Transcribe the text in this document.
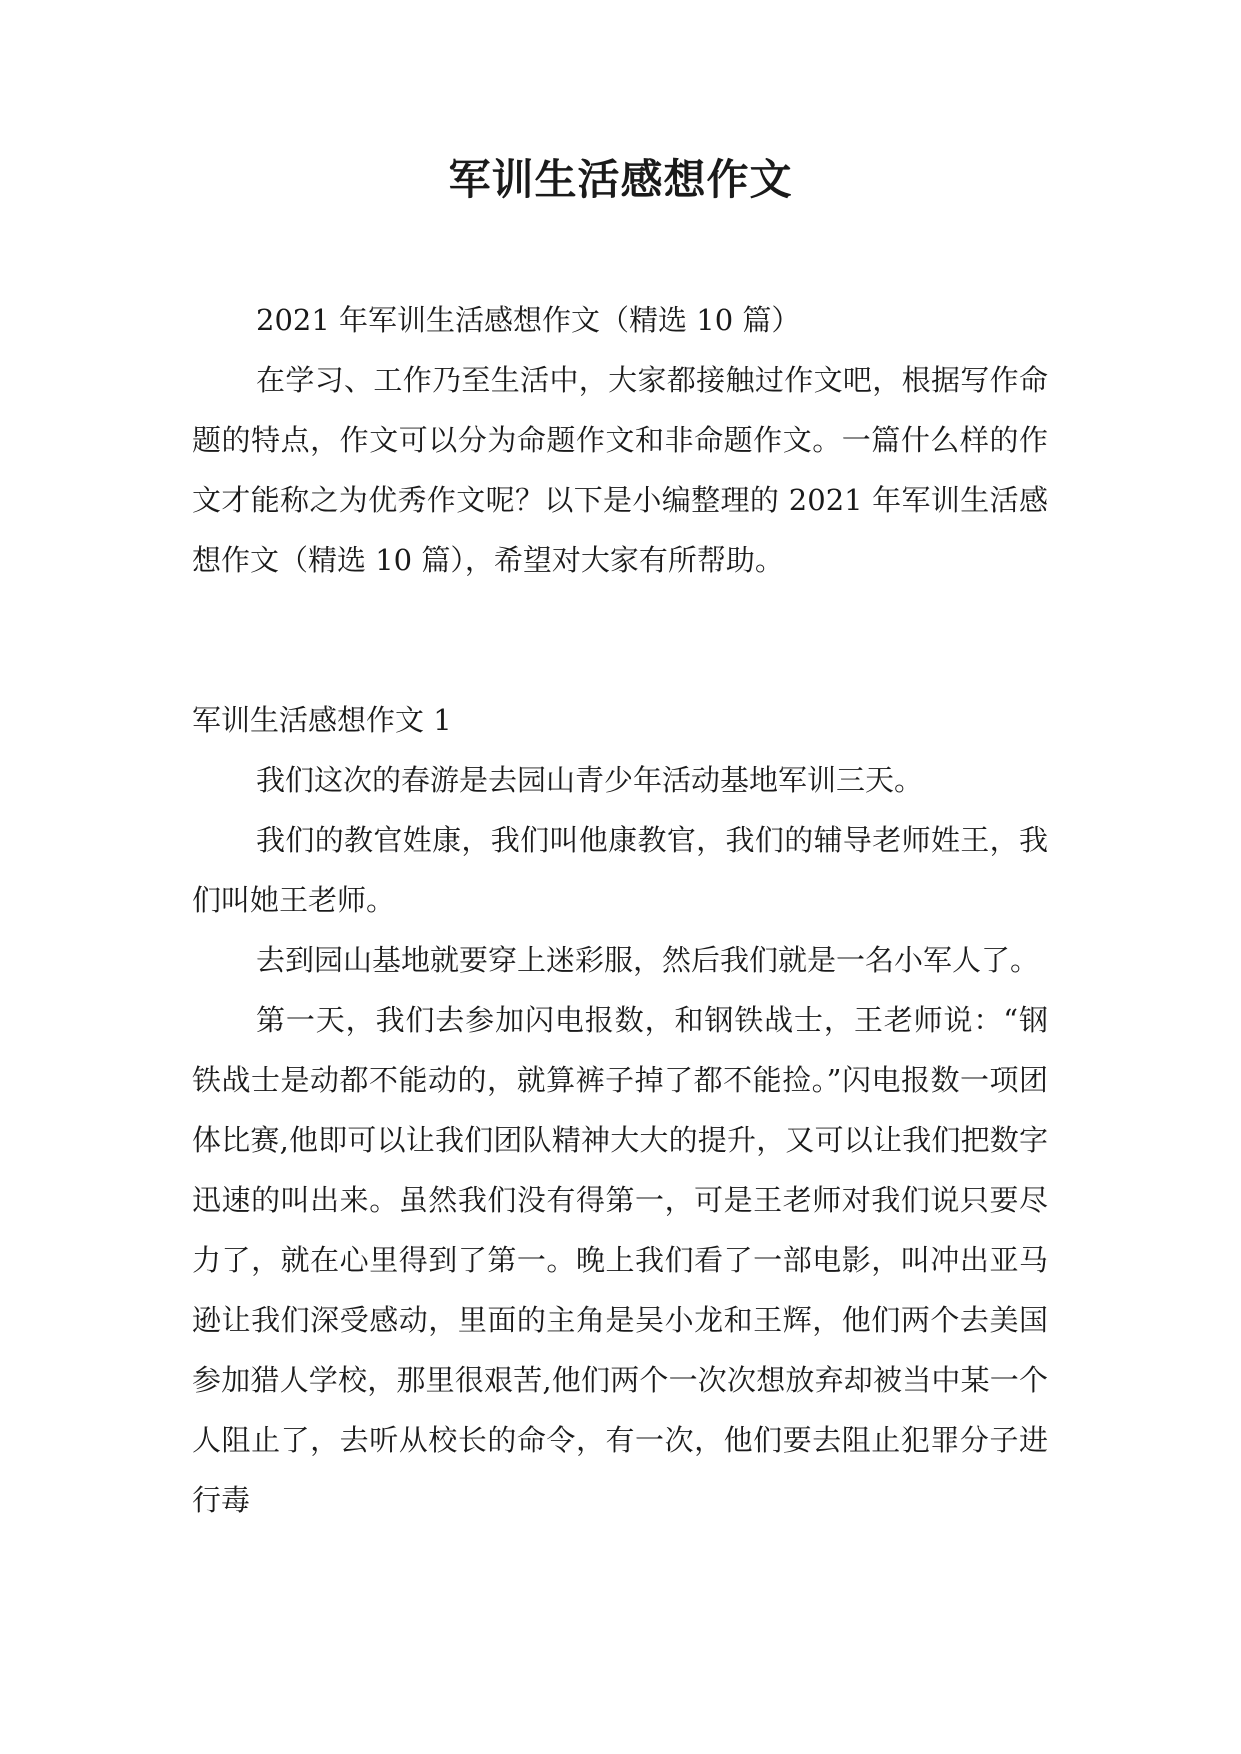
军训生活感想作文

2021 年军训生活感想作文（精选 10 篇）

在学习、工作乃至生活中，大家都接触过作文吧，根据写作命题的特点，作文可以分为命题作文和非命题作文。一篇什么样的作文才能称之为优秀作文呢？以下是小编整理的 2021 年军训生活感想作文（精选 10 篇），希望对大家有所帮助。

军训生活感想作文 1

我们这次的春游是去园山青少年活动基地军训三天。

我们的教官姓康，我们叫他康教官，我们的辅导老师姓王，我们叫她王老师。

去到园山基地就要穿上迷彩服，然后我们就是一名小军人了。

第一天，我们去参加闪电报数，和钢铁战士，王老师说：“钢铁战士是动都不能动的，就算裤子掉了都不能捡。”闪电报数一项团体比赛,他即可以让我们团队精神大大的提升，又可以让我们把数字迅速的叫出来。虽然我们没有得第一，可是王老师对我们说只要尽力了，就在心里得到了第一。晚上我们看了一部电影，叫冲出亚马逊让我们深受感动，里面的主角是吴小龙和王辉，他们两个去美国参加猎人学校，那里很艰苦,他们两个一次次想放弃却被当中某一个人阻止了，去听从校长的命令，有一次，他们要去阻止犯罪分子进行毒
